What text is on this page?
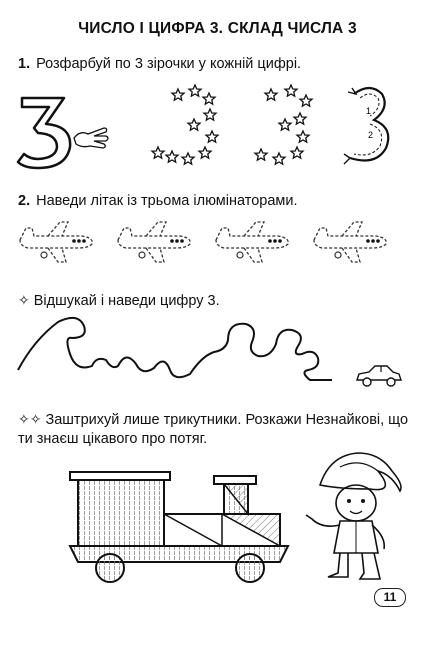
ЧИСЛО І ЦИФРА 3. СКЛАД ЧИСЛА 3
1. Розфарбуй по 3 зірочки у кожній цифрі.
1
2
2. Наведи літак із трьома ілюмінаторами.
✧ Відшукай і наведи цифру 3.
✧✧ Заштрихуй лише трикутники. Розкажи Незнайкові, що ти знаєш цікавого про потяг.
11
